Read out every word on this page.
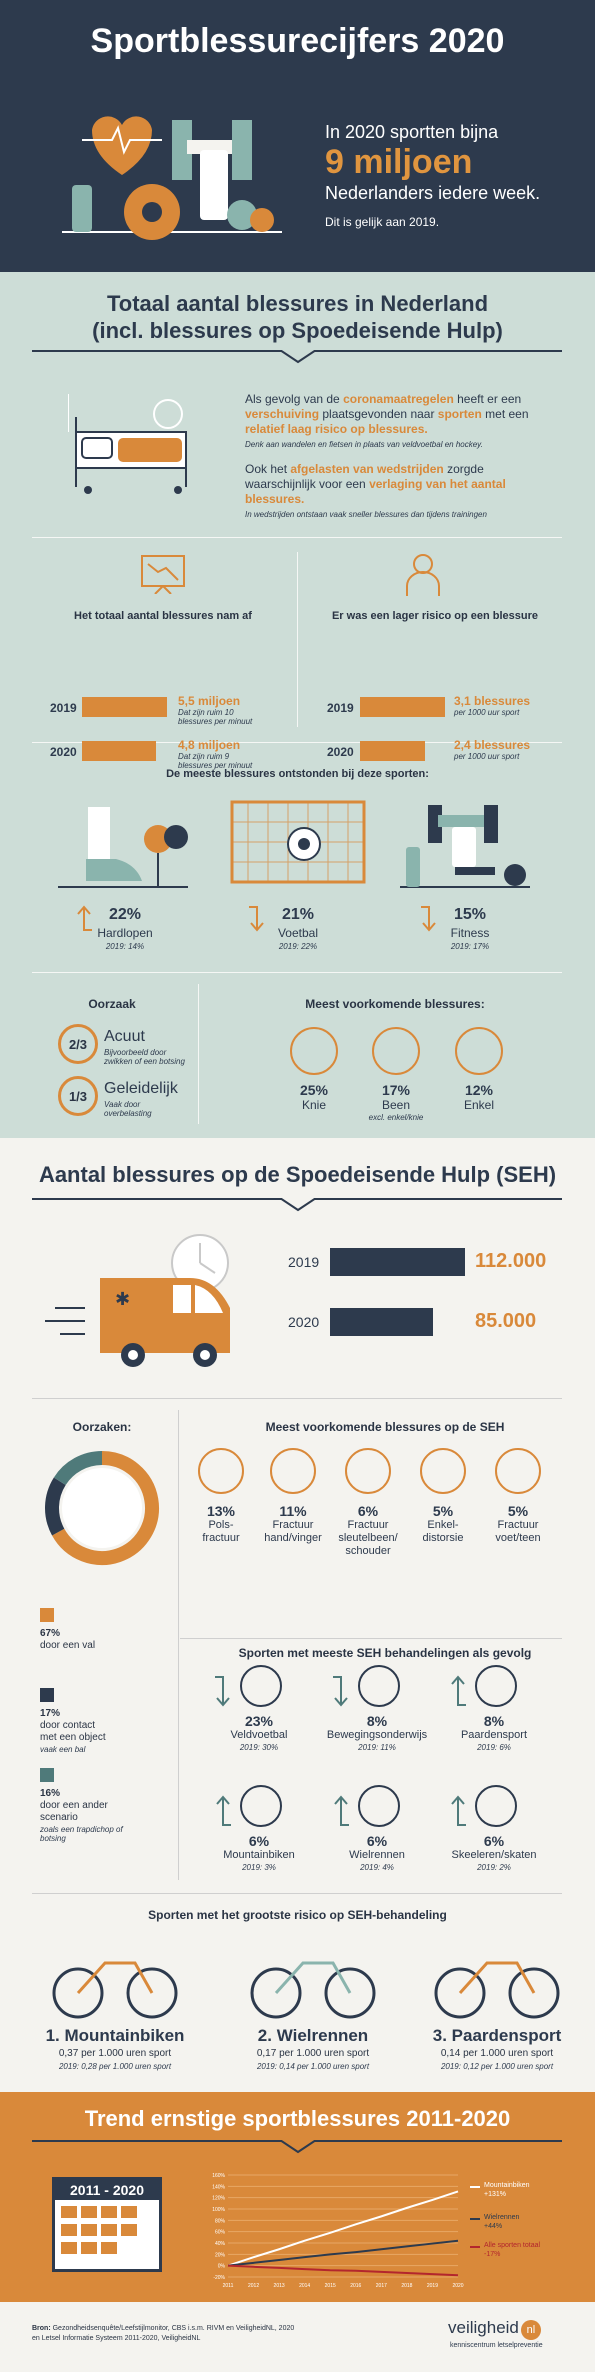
Sportblessurecijfers 2020
In 2020 sportten bijna
9 miljoen
Nederlanders iedere week.
Dit is gelijk aan 2019.
Totaal aantal blessures in Nederland
(incl. blessures op Spoedeisende Hulp)
Als gevolg van de coronamaatregelen heeft er een
verschuiving plaatsgevonden naar sporten met een
relatief laag risico op blessures.
Denk aan wandelen en fietsen in plaats van veldvoetbal en hockey.
Ook het afgelasten van wedstrijden zorgde
waarschijnlijk voor een verlaging van het aantal
blessures.
In wedstrijden ontstaan vaak sneller blessures dan tijdens trainingen
Het totaal aantal blessures nam af	Er was een lager risico op een blessure
De meeste blessures ontstonden bij deze sporten:
Oorzaak	Meest voorkomende blessures:
2019	5,5 miljoen
Dat zijn ruim 10
blessures per minuut
2020	4,8 miljoen
Dat zijn ruim 9
blessures per minuut
2019	3,1 blessures
per 1000 uur sport
2020	2,4 blessures
per 1000 uur sport
22%
Hardlopen
2019: 14%
21%
Voetbal
2019: 22%
15%
Fitness
2019: 17%
2/3	Acuut
Bijvoorbeeld door
zwikken of een botsing
1/3	Geleidelijk
Vaak door
overbelasting
25%
Knie
17%
Been
excl. enkel/knie
12%
Enkel
Aantal blessures op de Spoedeisende Hulp (SEH)
✱
Oorzaken:	Meest voorkomende blessures op de SEH
Sporten met meeste SEH behandelingen als gevolg
Sporten met het grootste risico op SEH-behandeling
2019	112.000
2020	85.000
67%
door een val
17%
door contact
met een object
vaak een bal
16%
door een ander
scenario
zoals een trapdichop of botsing
13%
Pols-
fractuur
11%
Fractuur
hand/vinger
6%
Fractuur
sleutelbeen/
schouder
5%
Enkel-
distorsie
5%
Fractuur
voet/teen
23%
Veldvoetbal
2019: 30%
8%
Bewegingsonderwijs
2019: 11%
8%
Paardensport
2019: 6%
6%
Mountainbiken
2019: 3%
6%
Wielrennen
2019: 4%
6%
Skeeleren/skaten
2019: 2%
1. Mountainbiken
0,37 per 1.000 uren sport
2019: 0,28 per 1.000 uren sport
2. Wielrennen
0,17 per 1.000 uren sport
2019: 0,14 per 1.000 uren sport
3. Paardensport
0,14 per 1.000 uren sport
2019: 0,12 per 1.000 uren sport
Trend ernstige sportblessures 2011-2020
2011 - 2020
160%
140%
120%
100%
80%
60%
40%
20%
0%
-20%
2011	2012	2013	2014	2015	2016	2017	2018	2019	2020
Mountainbiken
+131%
Wielrennen
+44%
Alle sporten totaal
-17%
Bron: Gezondheidsenquête/Leefstijlmonitor, CBS i.s.m. RIVM en VeiligheidNL, 2020
en Letsel Informatie Systeem 2011-2020, VeiligheidNL
veiligheid nl
kenniscentrum letselpreventie
